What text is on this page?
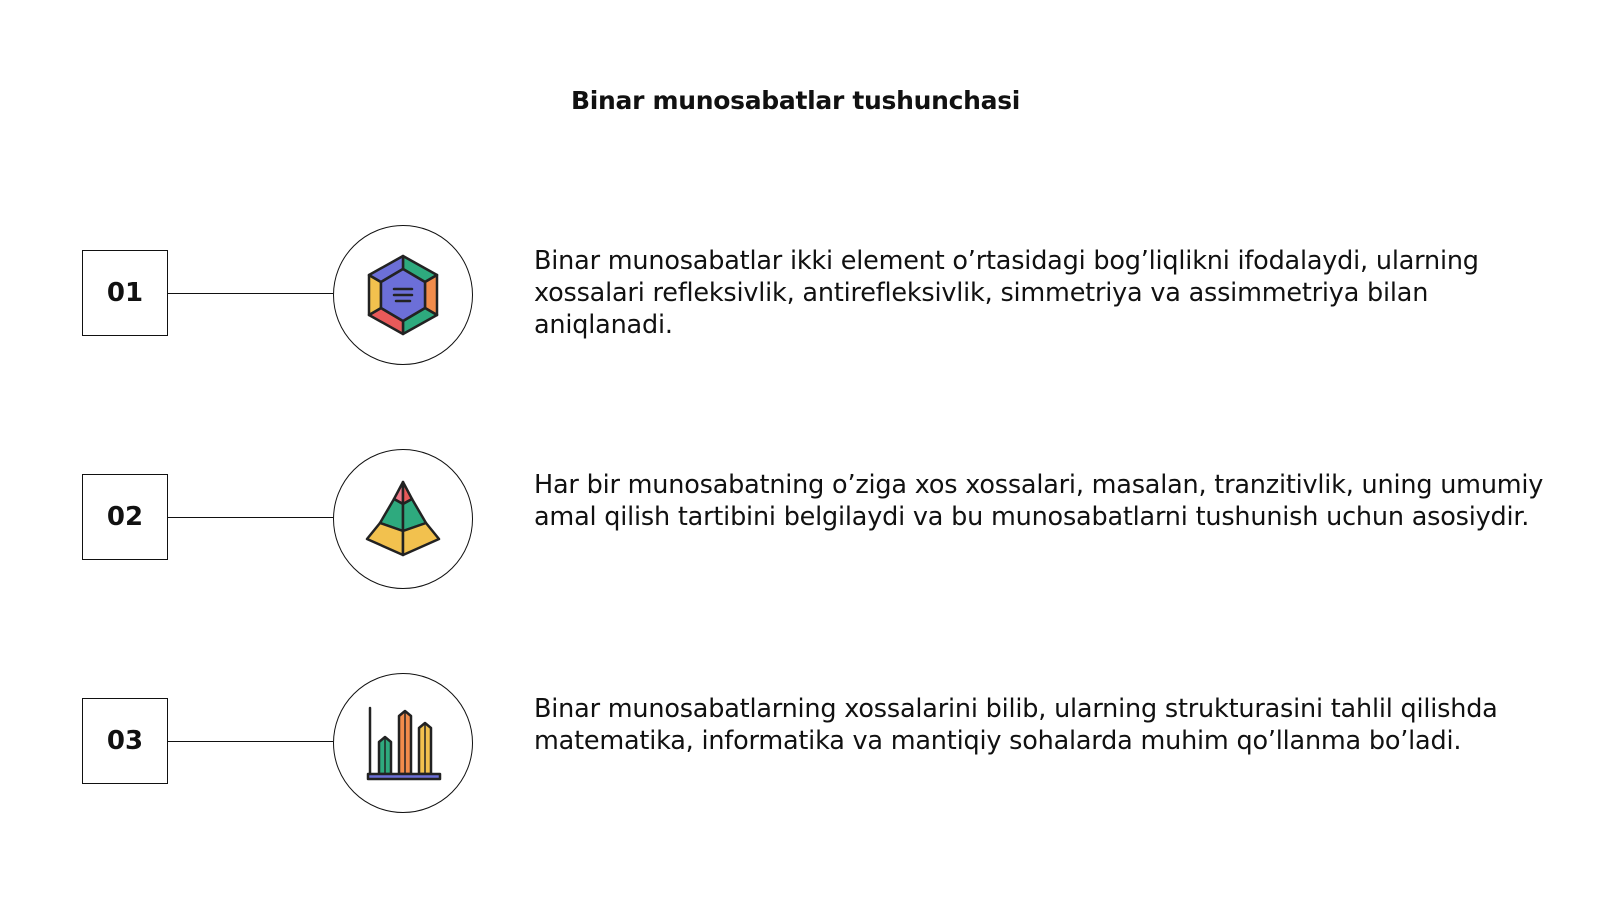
Binar munosabatlar tushunchasi
01
Binar munosabatlar ikki element o’rtasidagi bog’liqlikni ifodalaydi, ularning xossalari refleksivlik, antirefleksivlik, simmetriya va assimmetriya bilan aniqlanadi.
02
Har bir munosabatning o’ziga xos xossalari, masalan, tranzitivlik, uning umumiy amal qilish tartibini belgilaydi va bu munosabatlarni tushunish uchun asosiydir.
03
Binar munosabatlarning xossalarini bilib, ularning strukturasini tahlil qilishda matematika, informatika va mantiqiy sohalarda muhim qo’llanma bo’ladi.
